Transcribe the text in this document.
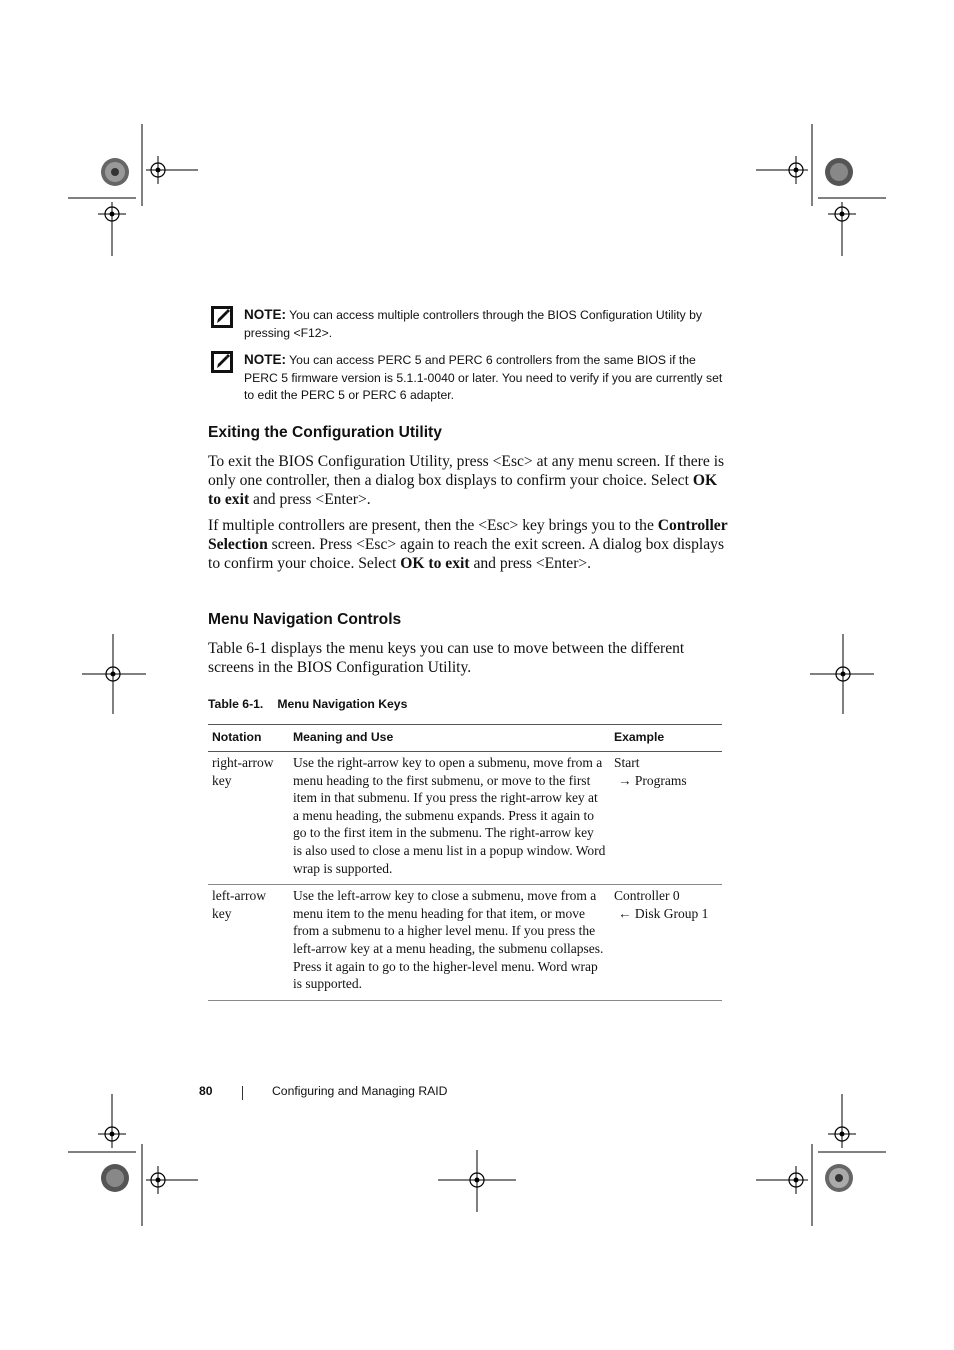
NOTE: You can access multiple controllers through the BIOS Configuration Utility by pressing <F12>.
NOTE: You can access PERC 5 and PERC 6 controllers from the same BIOS if the PERC 5 firmware version is 5.1.1-0040 or later. You need to verify if you are currently set to edit the PERC 5 or PERC 6 adapter.
Exiting the Configuration Utility

To exit the BIOS Configuration Utility, press <Esc> at any menu screen. If there is only one controller, then a dialog box displays to confirm your choice. Select OK to exit and press <Enter>.

If multiple controllers are present, then the <Esc> key brings you to the Controller Selection screen. Press <Esc> again to reach the exit screen. A dialog box displays to confirm your choice. Select OK to exit and press <Enter>.

Menu Navigation Controls

Table 6-1 displays the menu keys you can use to move between the different screens in the BIOS Configuration Utility.

Table 6-1. Menu Navigation Keys
Notation	Meaning and Use	Example
right-arrow key	Use the right-arrow key to open a submenu, move from a menu heading to the first submenu, or move to the first item in that submenu. If you press the right-arrow key at a menu heading, the submenu expands. Press it again to go to the first item in the submenu. The right-arrow key is also used to close a menu list in a popup window. Word wrap is supported.	Start
→ Programs

left-arrow key	Use the left-arrow key to close a submenu, move from a menu item to the menu heading for that item, or move from a submenu to a higher level menu. If you press the left-arrow key at a menu heading, the submenu collapses. Press it again to go to the higher-level menu. Word wrap is supported.	Controller 0
← Disk Group 1
80	Configuring and Managing RAID
